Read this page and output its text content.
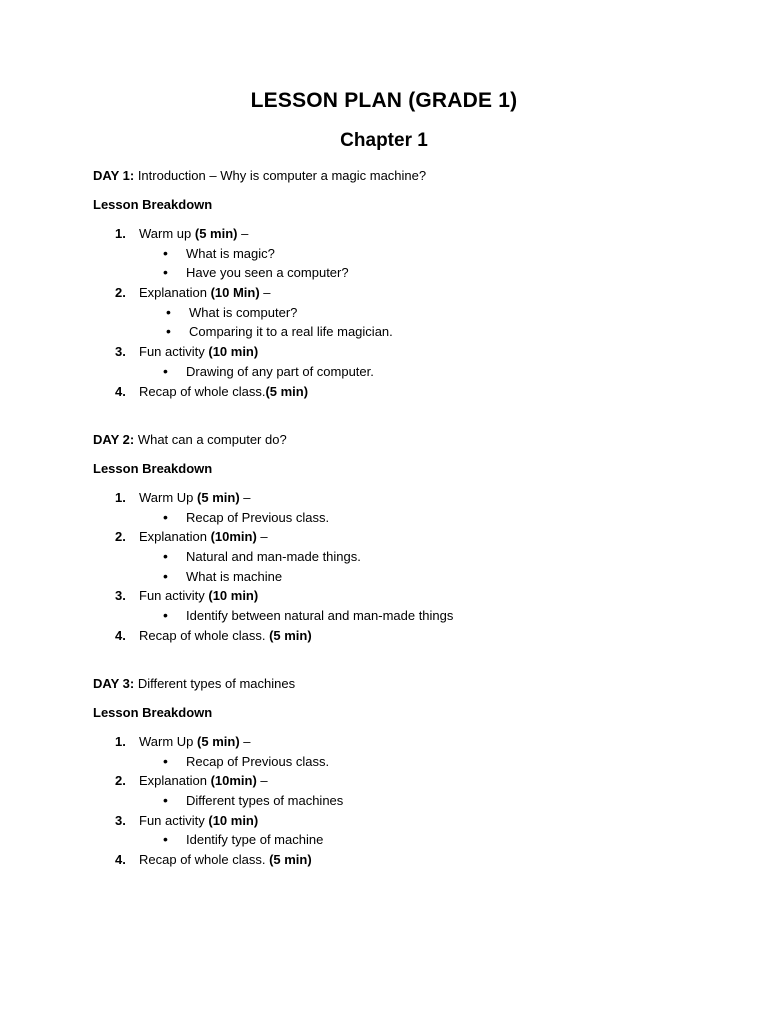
LESSON PLAN (GRADE 1)
Chapter 1
DAY 1: Introduction – Why is computer a magic machine?
Lesson Breakdown
1. Warm up (5 min) –
• What is magic?
• Have you seen a computer?
2. Explanation (10 Min) –
• What is computer?
• Comparing it to a real life magician.
3. Fun activity (10 min)
• Drawing of any part of computer.
4. Recap of whole class.(5 min)
DAY 2: What can a computer do?
Lesson Breakdown
1. Warm Up (5 min) –
• Recap of Previous class.
2. Explanation (10min) –
• Natural and man-made things.
• What is machine
3. Fun activity (10 min)
• Identify between natural and man-made things
4. Recap of whole class. (5 min)
DAY 3: Different types of machines
Lesson Breakdown
1. Warm Up (5 min) –
• Recap of Previous class.
2. Explanation (10min) –
• Different types of machines
3. Fun activity (10 min)
• Identify type of machine
4. Recap of whole class. (5 min)
